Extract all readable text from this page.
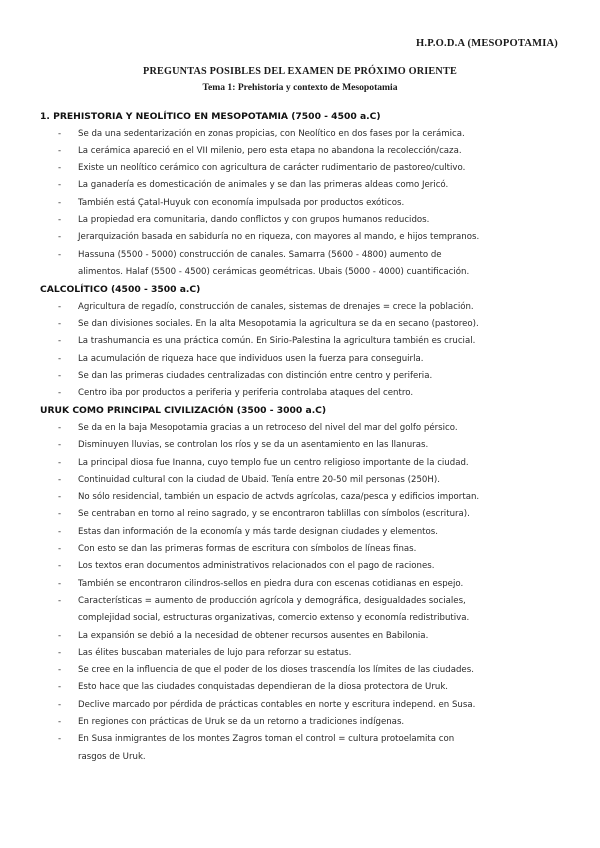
H.P.O.D.A (MESOPOTAMIA)
PREGUNTAS POSIBLES DEL EXAMEN DE PRÓXIMO ORIENTE
Tema 1: Prehistoria y contexto de Mesopotamia
1. PREHISTORIA Y NEOLÍTICO EN MESOPOTAMIA (7500 - 4500 a.C)
- Se da una sedentarización en zonas propicias, con Neolítico en dos fases por la cerámica.
- La cerámica apareció en el VII milenio, pero esta etapa no abandona la recolección/caza.
- Existe un neolítico cerámico con agricultura de carácter rudimentario de pastoreo/cultivo.
- La ganadería es domesticación de animales y se dan las primeras aldeas como Jericó.
- También está Çatal-Huyuk con economía impulsada por productos exóticos.
- La propiedad era comunitaria, dando conflictos y con grupos humanos reducidos.
- Jerarquización basada en sabiduría no en riqueza, con mayores al mando, e hijos tempranos.
- Hassuna (5500 - 5000) construcción de canales. Samarra (5600 - 4800) aumento de
alimentos. Halaf (5500 - 4500) cerámicas geométricas. Ubais (5000 - 4000) cuantificación.
CALCOLÍTICO (4500 - 3500 a.C)
- Agricultura de regadío, construcción de canales, sistemas de drenajes = crece la población.
- Se dan divisiones sociales. En la alta Mesopotamia la agricultura se da en secano (pastoreo).
- La trashumancia es una práctica común. En Sirio-Palestina la agricultura también es crucial.
- La acumulación de riqueza hace que individuos usen la fuerza para conseguirla.
- Se dan las primeras ciudades centralizadas con distinción entre centro y periferia.
- Centro iba por productos a periferia y periferia controlaba ataques del centro.
URUK COMO PRINCIPAL CIVILIZACIÓN (3500 - 3000 a.C)
- Se da en la baja Mesopotamia gracias a un retroceso del nivel del mar del golfo pérsico.
- Disminuyen lluvias, se controlan los ríos y se da un asentamiento en las llanuras.
- La principal diosa fue Inanna, cuyo templo fue un centro religioso importante de la ciudad.
- Continuidad cultural con la ciudad de Ubaid. Tenía entre 20-50 mil personas (250H).
- No sólo residencial, también un espacio de actvds agrícolas, caza/pesca y edificios importan.
- Se centraban en torno al reino sagrado, y se encontraron tablillas con símbolos (escritura).
- Estas dan información de la economía y más tarde designan ciudades y elementos.
- Con esto se dan las primeras formas de escritura con símbolos de líneas finas.
- Los textos eran documentos administrativos relacionados con el pago de raciones.
- También se encontraron cilindros-sellos en piedra dura con escenas cotidianas en espejo.
- Características = aumento de producción agrícola y demográfica, desigualdades sociales,
complejidad social, estructuras organizativas, comercio extenso y economía redistributiva.
- La expansión se debió a la necesidad de obtener recursos ausentes en Babilonia.
- Las élites buscaban materiales de lujo para reforzar su estatus.
- Se cree en la influencia de que el poder de los dioses trascendía los límites de las ciudades.
- Esto hace que las ciudades conquistadas dependieran de la diosa protectora de Uruk.
- Declive marcado por pérdida de prácticas contables en norte y escritura independ. en Susa.
- En regiones con prácticas de Uruk se da un retorno a tradiciones indígenas.
- En Susa inmigrantes de los montes Zagros toman el control = cultura protoelamita con
rasgos de Uruk.
